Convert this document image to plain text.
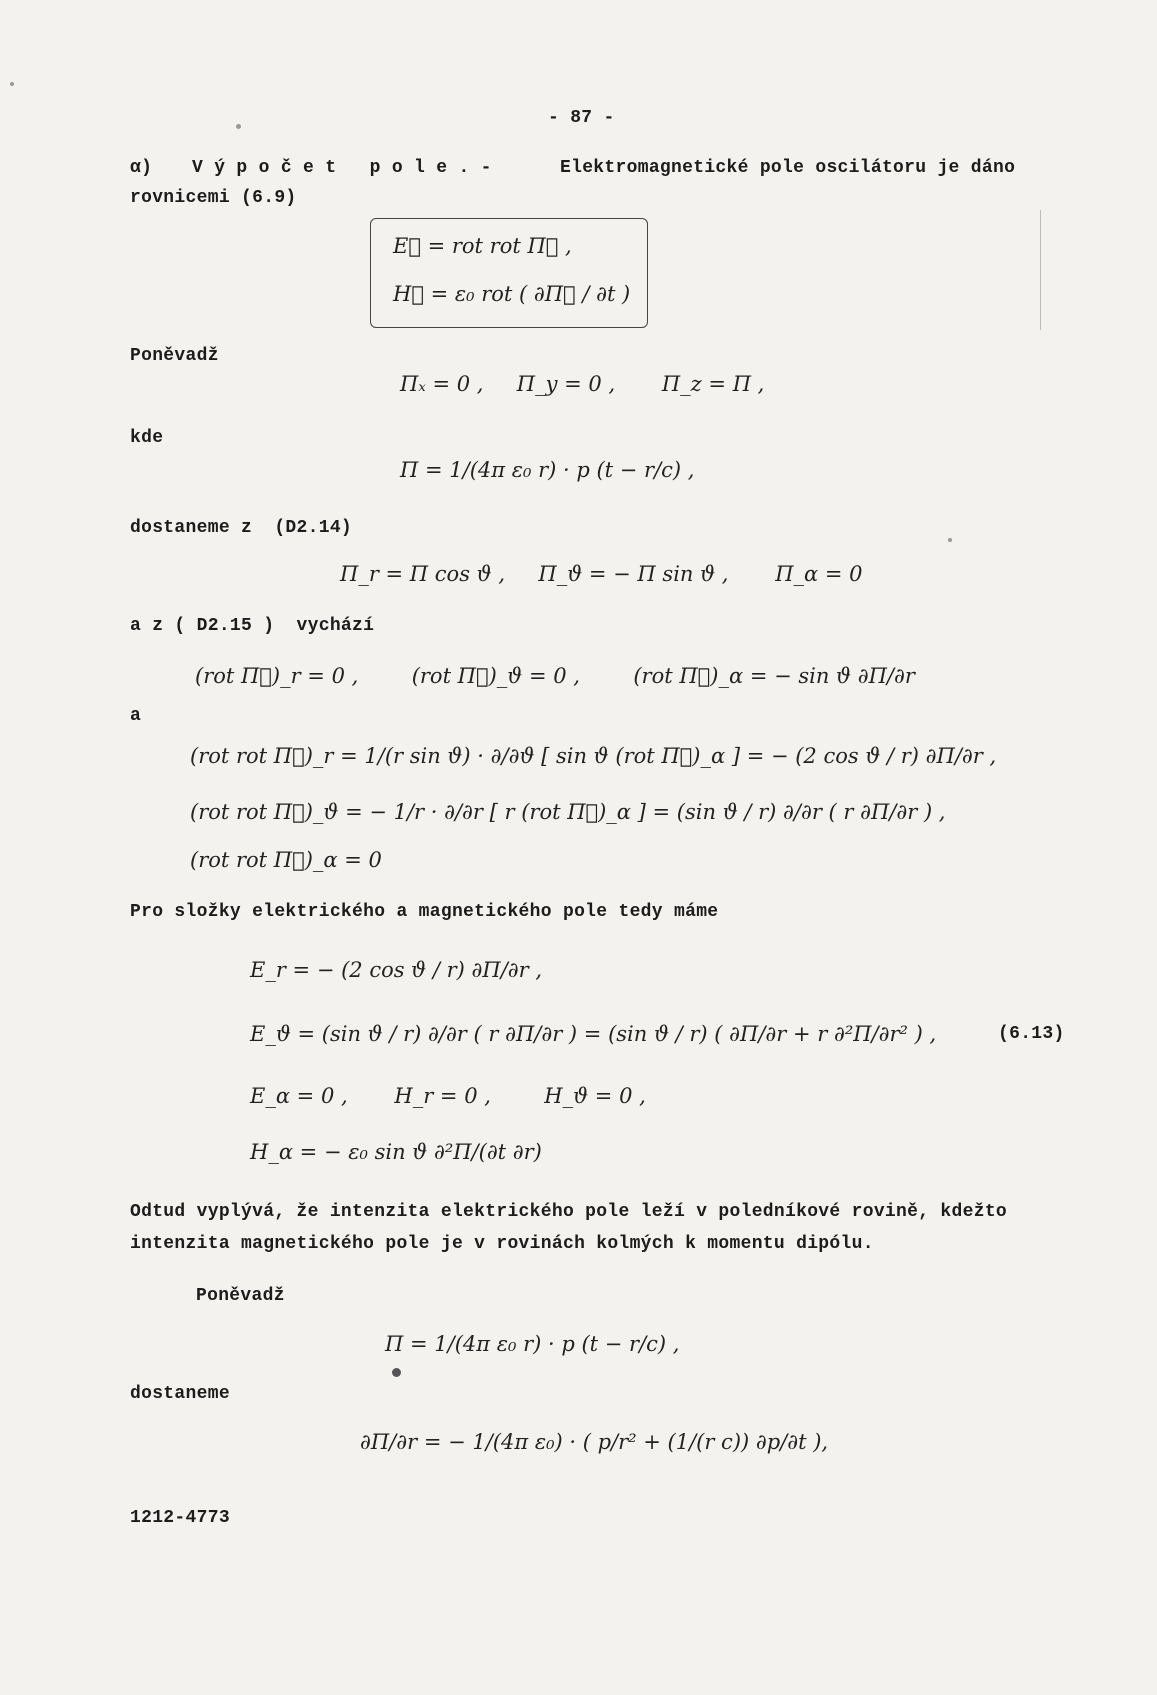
- 87 -
α) V ý p o č e t   p o l e . -	Elektromagnetické pole oscilátoru je dáno
rovnicemi (6.9)
E⃗ = rot rot Π⃗ ,
H⃗ = ε₀ rot ( ∂Π⃗ / ∂t )
Poněvadž
Πₓ = 0 ,     Π_y = 0 ,       Π_z = Π ,
kde
Π = 1/(4π ε₀ r) · p (t − r/c) ,
dostaneme z  (D2.14)
Π_r = Π cos ϑ ,     Π_ϑ = − Π sin ϑ ,       Π_α = 0
a z ( D2.15 )  vychází
(rot Π⃗)_r = 0 ,        (rot Π⃗)_ϑ = 0 ,        (rot Π⃗)_α = − sin ϑ ∂Π/∂r
a
(rot rot Π⃗)_r = 1/(r sin ϑ) · ∂/∂ϑ [ sin ϑ (rot Π⃗)_α ] = − (2 cos ϑ / r) ∂Π/∂r ,
(rot rot Π⃗)_ϑ = − 1/r · ∂/∂r [ r (rot Π⃗)_α ] = (sin ϑ / r) ∂/∂r ( r ∂Π/∂r ) ,
(rot rot Π⃗)_α = 0
Pro složky elektrického a magnetického pole tedy máme
E_r = − (2 cos ϑ / r) ∂Π/∂r ,
E_ϑ = (sin ϑ / r) ∂/∂r ( r ∂Π/∂r ) = (sin ϑ / r) ( ∂Π/∂r + r ∂²Π/∂r² ) ,	(6.13)
E_α = 0 ,       H_r = 0 ,        H_ϑ = 0 ,
H_α = − ε₀ sin ϑ ∂²Π/(∂t ∂r)
Odtud vyplývá, že intenzita elektrického pole leží v poledníkové rovině, kdežto
intenzita magnetického pole je v rovinách kolmých k momentu dipólu.
Poněvadž
Π = 1/(4π ε₀ r) · p (t − r/c) ,
dostaneme
∂Π/∂r = − 1/(4π ε₀) · ( p/r² + (1/(r c)) ∂p/∂t ),
1212-4773
